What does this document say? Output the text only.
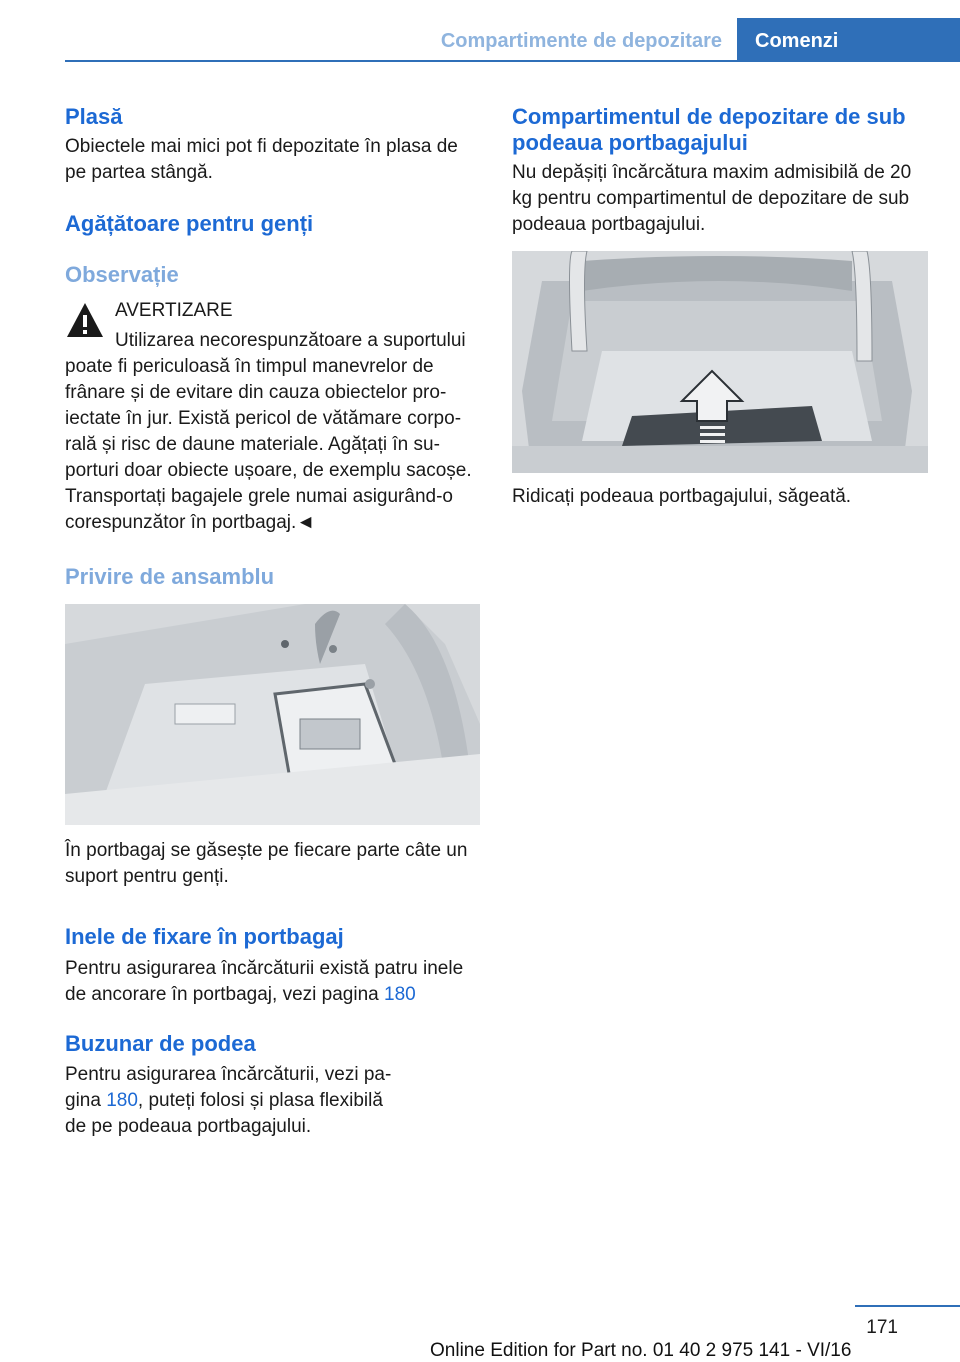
Compartimente de depozitare Comenzi
Plasă

Obiectele mai mici pot fi depozitate în plasa de pe partea stângă.

Agățătoare pentru genți
Observație

AVERTIZARE

Utilizarea necorespunzătoare a suportului poate fi periculoasă în timpul manevrelor de frânare și de evitare din cauza obiectelor proiectate în jur. Există pericol de vătămare corporală și risc de daune materiale. Agățați în suporturi doar obiecte ușoare, de exemplu sacoșe. Transportați bagajele grele numai asigurând-o corespunzător în portbagaj.◄

Privire de ansamblu

În portbagaj se găsește pe fiecare parte câte un suport pentru genți.

Inele de fixare în portbagaj

Pentru asigurarea încărcăturii există patru inele de ancorare în portbagaj, vezi pagina 180

Buzunar de podea

Pentru asigurarea încărcăturii, vezi pagina 180, puteți folosi și plasa flexibilă de pe podeaua portbagajului.

Compartimentul de depozitare de sub podeaua portbagajului

Nu depășiți încărcătura maxim admisibilă de 20 kg pentru compartimentul de depozitare de sub podeaua portbagajului.

Ridicați podeaua portbagajului, săgeată.

171
Online Edition for Part no. 01 40 2 975 141 - VI/16
